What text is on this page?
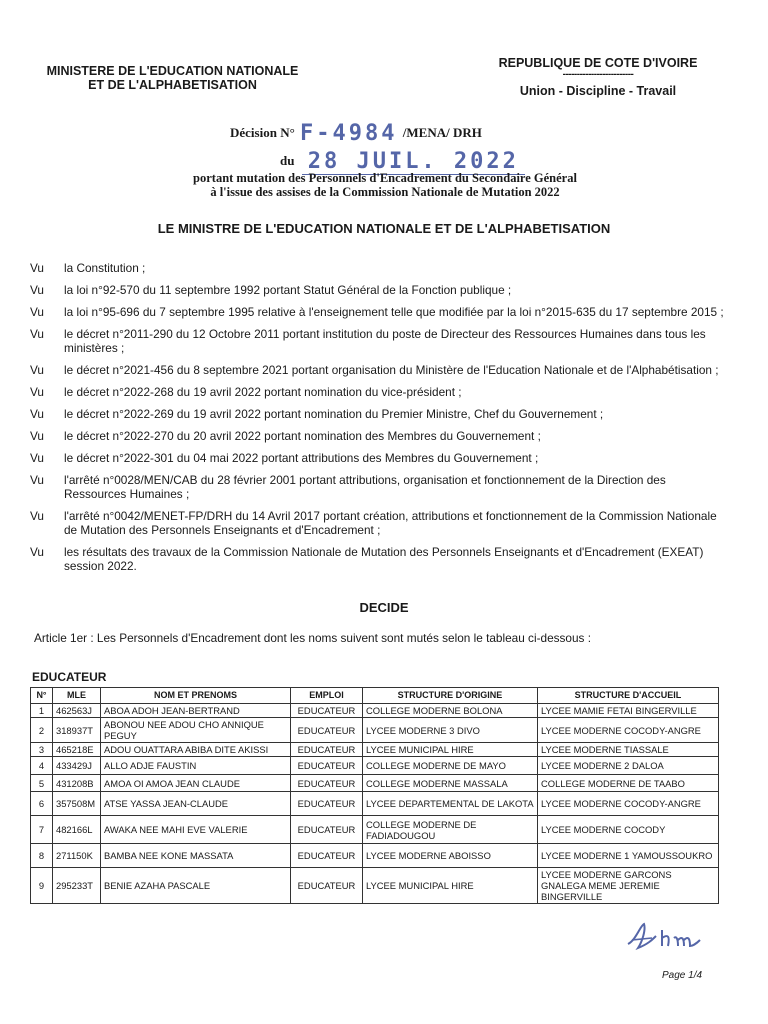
MINISTERE DE L'EDUCATION NATIONALE
ET DE L'ALPHABETISATION
REPUBLIQUE DE COTE D'IVOIRE
-------------------------
Union - Discipline - Travail
Décision N° F-4984 /MENA/ DRH
du 28 JUIL. 2022
portant mutation des Personnels d'Encadrement du Secondaire Général
à l'issue des assises de la Commission Nationale de Mutation 2022
LE MINISTRE DE L'EDUCATION NATIONALE ET DE L'ALPHABETISATION
Vu	la Constitution ;
Vu	la loi n°92-570 du 11 septembre 1992 portant Statut Général de la Fonction publique ;
Vu	la loi n°95-696 du 7 septembre 1995 relative à l'enseignement telle que modifiée par la loi n°2015-635 du 17 septembre 2015 ;
Vu	le décret n°2011-290 du 12 Octobre 2011 portant institution du poste de Directeur des Ressources Humaines dans tous les ministères ;
Vu	le décret n°2021-456 du 8 septembre 2021 portant organisation du Ministère de l'Education Nationale et de l'Alphabétisation ;
Vu	le décret n°2022-268 du 19 avril 2022 portant nomination du vice-président ;
Vu	le décret n°2022-269 du 19 avril 2022 portant nomination du Premier Ministre, Chef du Gouvernement ;
Vu	le décret n°2022-270 du 20 avril 2022 portant nomination des Membres du Gouvernement ;
Vu	le décret n°2022-301 du 04 mai 2022 portant attributions des Membres du Gouvernement ;
Vu	l'arrêté n°0028/MEN/CAB du 28 février 2001 portant attributions, organisation et fonctionnement de la Direction des Ressources Humaines ;
Vu	l'arrêté n°0042/MENET-FP/DRH du 14 Avril 2017 portant création, attributions et fonctionnement de la Commission Nationale de Mutation des Personnels Enseignants et d'Encadrement ;
Vu	les résultats des travaux de la Commission Nationale de Mutation des Personnels Enseignants et d'Encadrement (EXEAT) session 2022.
DECIDE
Article 1er : Les Personnels d'Encadrement dont les noms suivent sont mutés selon le tableau ci-dessous :
EDUCATEUR
N°	MLE	NOM ET PRENOMS	EMPLOI	STRUCTURE D'ORIGINE	STRUCTURE D'ACCUEIL
1	462563J	ABOA ADOH JEAN-BERTRAND	EDUCATEUR	COLLEGE MODERNE BOLONA	LYCEE MAMIE FETAI BINGERVILLE
2	318937T	ABONOU NEE ADOU CHO ANNIQUE PEGUY	EDUCATEUR	LYCEE MODERNE 3 DIVO	LYCEE MODERNE COCODY-ANGRE
3	465218E	ADOU OUATTARA ABIBA DITE AKISSI	EDUCATEUR	LYCEE MUNICIPAL HIRE	LYCEE MODERNE TIASSALE
4	433429J	ALLO ADJE FAUSTIN	EDUCATEUR	COLLEGE MODERNE DE MAYO	LYCEE MODERNE 2 DALOA
5	431208B	AMOA OI AMOA JEAN CLAUDE	EDUCATEUR	COLLEGE MODERNE MASSALA	COLLEGE MODERNE DE TAABO
6	357508M	ATSE YASSA JEAN-CLAUDE	EDUCATEUR	LYCEE DEPARTEMENTAL DE LAKOTA	LYCEE MODERNE COCODY-ANGRE
7	482166L	AWAKA NEE MAHI EVE VALERIE	EDUCATEUR	COLLEGE MODERNE DE FADIADOUGOU	LYCEE MODERNE COCODY
8	271150K	BAMBA NEE KONE MASSATA	EDUCATEUR	LYCEE MODERNE ABOISSO	LYCEE MODERNE 1 YAMOUSSOUKRO
9	295233T	BENIE AZAHA PASCALE	EDUCATEUR	LYCEE MUNICIPAL HIRE	LYCEE MODERNE GARCONS GNALEGA MEME JEREMIE BINGERVILLE
Page 1/4
